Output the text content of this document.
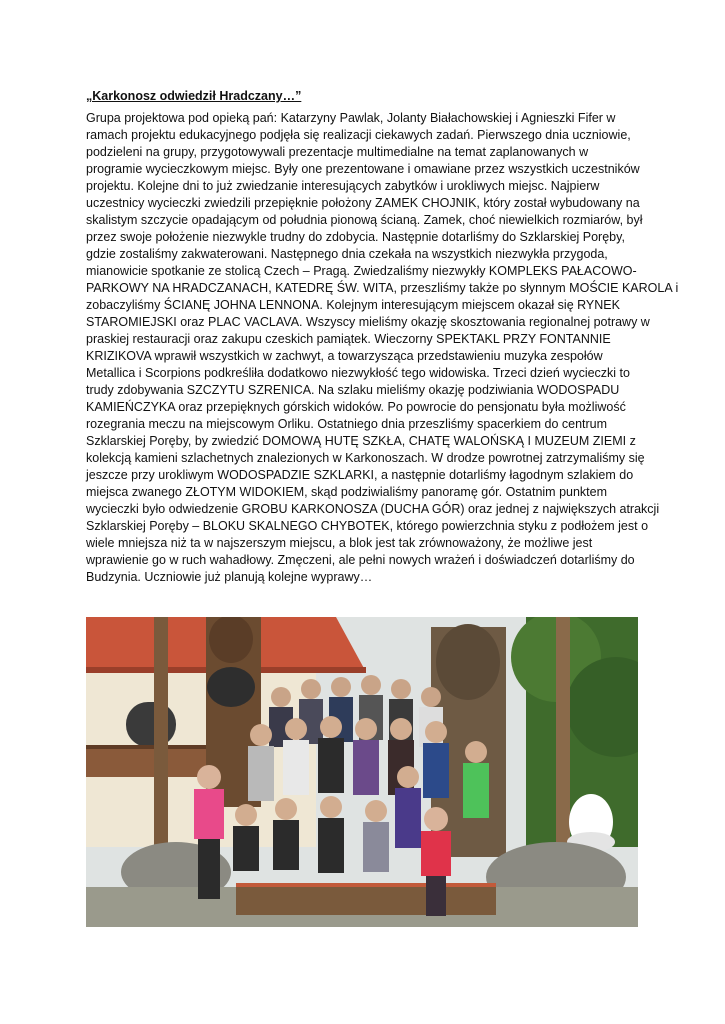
„Karkonosz odwiedził Hradczany…”

Grupa projektowa pod opieką pań: Katarzyny Pawlak, Jolanty Białachowskiej i Agnieszki Fifer w
ramach projektu edukacyjnego podjęła się realizacji ciekawych zadań. Pierwszego dnia uczniowie,
podzieleni na grupy, przygotowywali prezentacje multimedialne na temat zaplanowanych w
programie wycieczkowym miejsc. Były one prezentowane i omawiane przez wszystkich uczestników
projektu. Kolejne dni to już zwiedzanie interesujących zabytków i urokliwych miejsc. Najpierw
uczestnicy wycieczki zwiedzili przepięknie położony ZAMEK CHOJNIK, który został wybudowany na
skalistym szczycie opadającym od południa pionową ścianą. Zamek, choć niewielkich rozmiarów, był
przez swoje położenie niezwykle trudny do zdobycia. Następnie dotarliśmy do Szklarskiej Poręby,
gdzie zostaliśmy zakwaterowani. Następnego dnia czekała na wszystkich niezwykła przygoda,
mianowicie spotkanie ze stolicą Czech – Pragą. Zwiedzaliśmy niezwykły KOMPLEKS PAŁACOWO-
PARKOWY NA HRADCZANACH, KATEDRĘ ŚW. WITA, przeszliśmy także po słynnym MOŚCIE KAROLA i
zobaczyliśmy ŚCIANĘ JOHNA LENNONA. Kolejnym interesującym miejscem okazał się RYNEK
STAROMIEJSKI oraz PLAC VACLAVA. Wszyscy mieliśmy okazję skosztowania regionalnej potrawy w
praskiej restauracji oraz zakupu czeskich pamiątek. Wieczorny SPEKTAKL PRZY FONTANNIE
KRIZIKOVA wprawił wszystkich w zachwyt, a towarzysząca przedstawieniu muzyka zespołów
Metallica i Scorpions podkreśliła dodatkowo niezwykłość tego widowiska. Trzeci dzień wycieczki to
trudy zdobywania SZCZYTU SZRENICA. Na szlaku mieliśmy okazję podziwiania WODOSPADU
KAMIEŃCZYKA oraz przepięknych górskich widoków. Po powrocie do pensjonatu była możliwość
rozegrania meczu na miejscowym Orliku. Ostatniego dnia przeszliśmy spacerkiem do centrum
Szklarskiej Poręby, by zwiedzić DOMOWĄ HUTĘ SZKŁA, CHATĘ WALOŃSKĄ I MUZEUM ZIEMI z
kolekcją kamieni szlachetnych znalezionych w Karkonoszach. W drodze powrotnej zatrzymaliśmy się
jeszcze przy urokliwym WODOSPADZIE SZKLARKI, a następnie dotarliśmy łagodnym szlakiem do
miejsca zwanego ZŁOTYM WIDOKIEM, skąd podziwialiśmy panoramę gór. Ostatnim punktem
wycieczki było odwiedzenie GROBU KARKONOSZA (DUCHA GÓR) oraz jednej z największych atrakcji
Szklarskiej Poręby – BLOKU SKALNEGO CHYBOTEK, którego powierzchnia styku z podłożem jest o
wiele mniejsza niż ta w najszerszym miejscu, a blok jest tak zrównoważony, że możliwe jest
wprawienie go w ruch wahadłowy. Zmęczeni, ale pełni nowych wrażeń i doświadczeń dotarliśmy do
Budzynia. Uczniowie już planują kolejne wyprawy…
